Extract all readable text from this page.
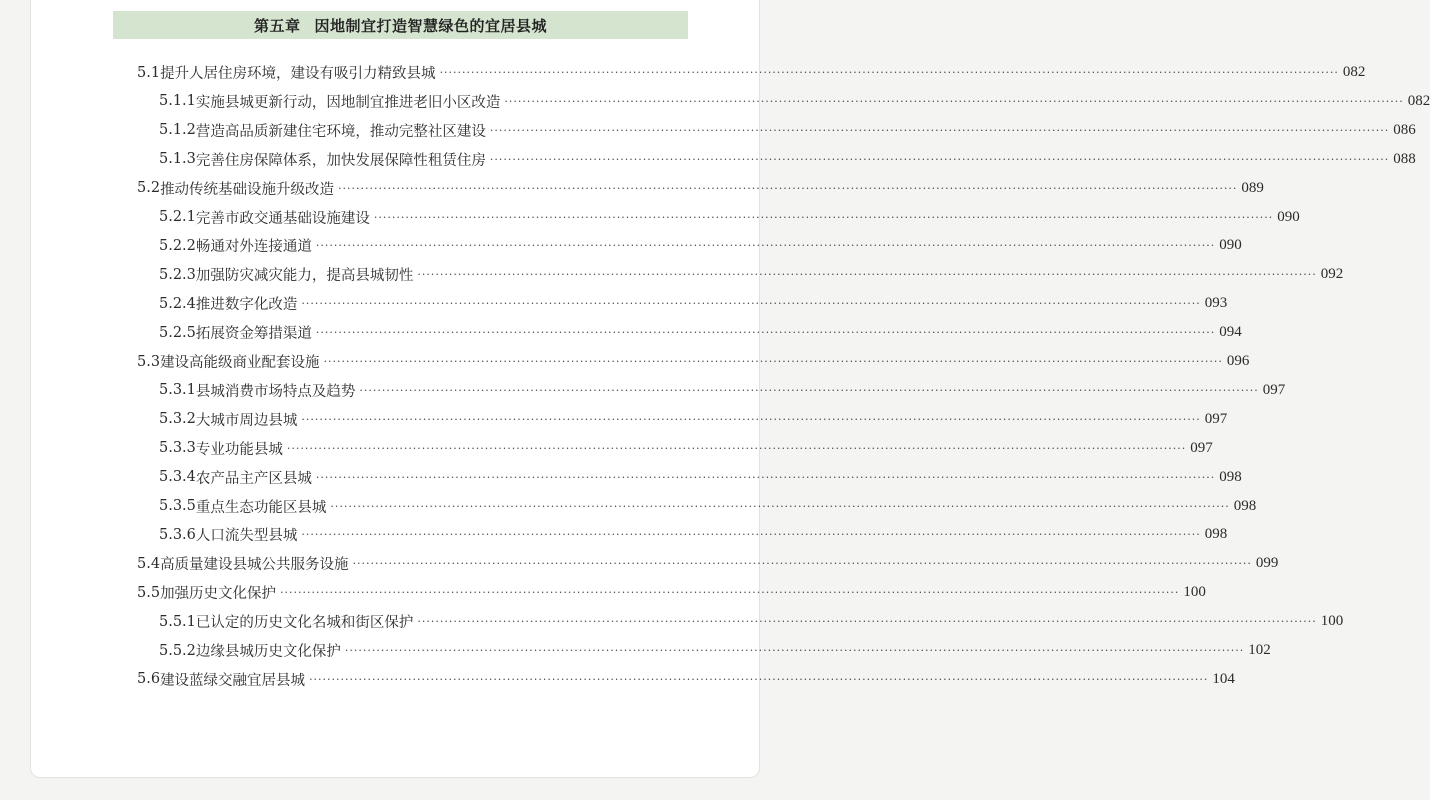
第五章 因地制宜打造智慧绿色的宜居县城
5.1 提升人居住房环境，建设有吸引力精致县城 ········································································································································································································ 082
5.1.1 实施县城更新行动，因地制宜推进老旧小区改造 ········································································································································································································ 082
5.1.2 营造高品质新建住宅环境，推动完整社区建设 ········································································································································································································ 086
5.1.3 完善住房保障体系，加快发展保障性租赁住房 ········································································································································································································ 088
5.2 推动传统基础设施升级改造 ········································································································································································································ 089
5.2.1 完善市政交通基础设施建设 ········································································································································································································ 090
5.2.2 畅通对外连接通道 ········································································································································································································ 090
5.2.3 加强防灾减灾能力，提高县城韧性 ········································································································································································································ 092
5.2.4 推进数字化改造 ········································································································································································································ 093
5.2.5 拓展资金筹措渠道 ········································································································································································································ 094
5.3 建设高能级商业配套设施 ········································································································································································································ 096
5.3.1 县城消费市场特点及趋势 ········································································································································································································ 097
5.3.2 大城市周边县城 ········································································································································································································ 097
5.3.3 专业功能县城 ········································································································································································································ 097
5.3.4 农产品主产区县城 ········································································································································································································ 098
5.3.5 重点生态功能区县城 ········································································································································································································ 098
5.3.6 人口流失型县城 ········································································································································································································ 098
5.4 高质量建设县城公共服务设施 ········································································································································································································ 099
5.5 加强历史文化保护 ········································································································································································································ 100
5.5.1 已认定的历史文化名城和街区保护 ········································································································································································································ 100
5.5.2 边缘县城历史文化保护 ········································································································································································································ 102
5.6 建设蓝绿交融宜居县城 ········································································································································································································ 104
